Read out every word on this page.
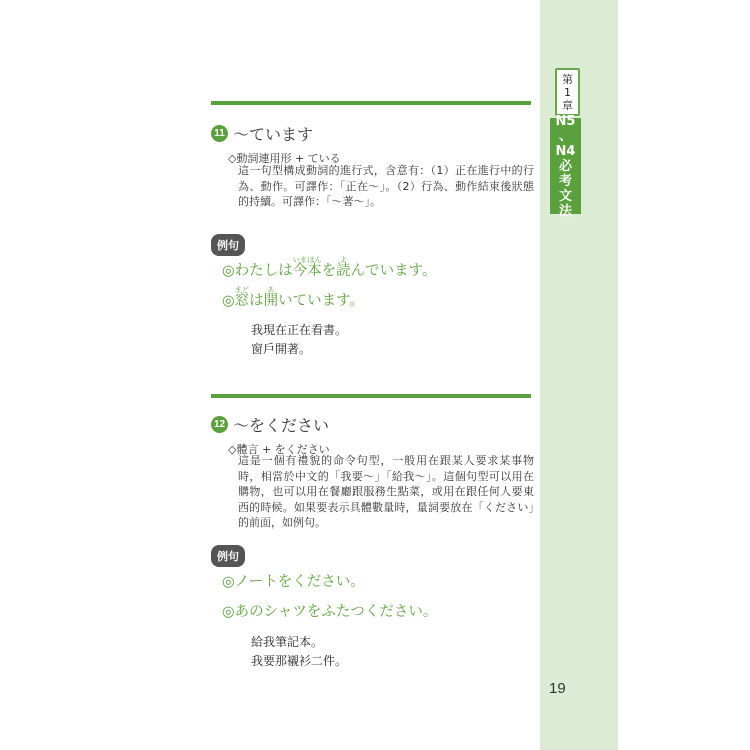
第
1
章
N5
、
N4
必
考
文
法
19
11 ～ています
◇動詞連用形 + ている
這一句型構成動詞的進行式，含意有：（1）正在進行中的行為、動作。可譯作：「正在～」。（2）行為、動作結束後狀態的持續。可譯作：「～著～」。
例句
◎わたしは今本いまほんを読よんでいます。
◎窓まどは開あいています。
我現在正在看書。
窗戶開著。
12 ～をください
◇體言 + をください
這是一個有禮貌的命令句型，一般用在跟某人要求某事物時，相當於中文的「我要～」「給我～」。這個句型可以用在購物，也可以用在餐廳跟服務生點菜，或用在跟任何人要東西的時候。如果要表示具體數量時，量詞要放在「ください」的前面，如例句。
例句
◎ノートをください。
◎あのシャツをふたつください。
給我筆記本。
我要那襯衫二件。
